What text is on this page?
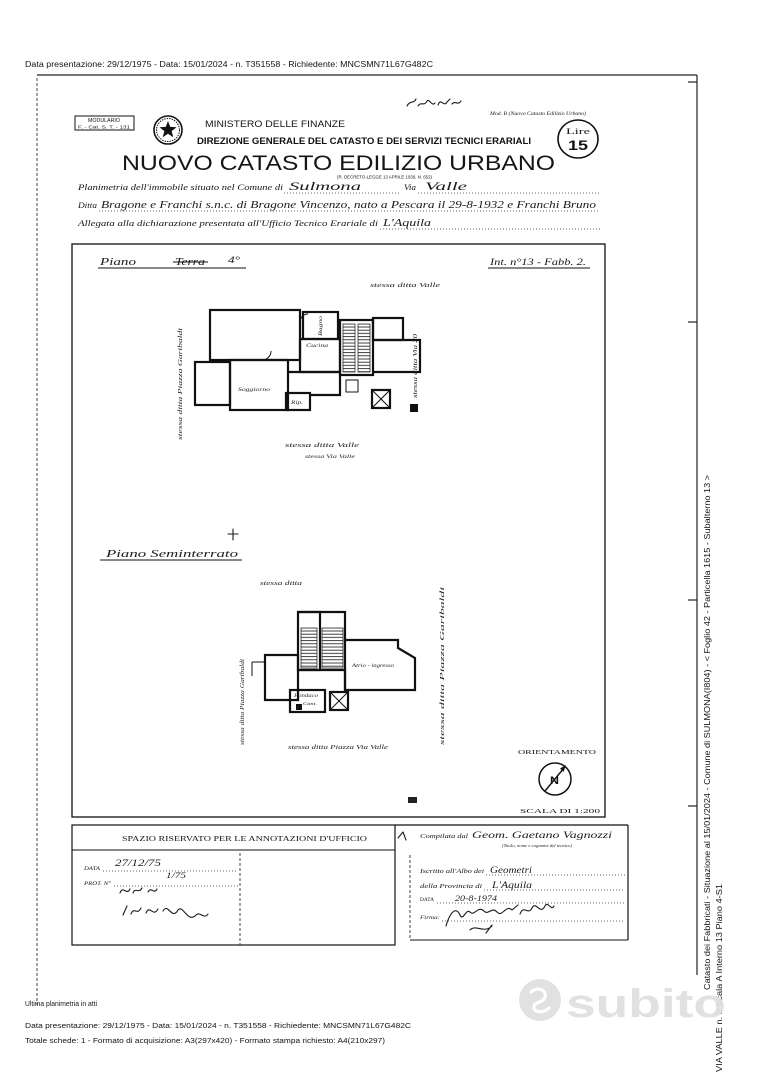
Data presentazione: 29/12/1975 - Data: 15/01/2024 - n. T351558 - Richiedente: MNCSMN71L67G482C
MODULARIO
F. - Cat. S. T. - 131	MINISTERO DELLE FINANZE
DIREZIONE GENERALE DEL CATASTO E DEI SERVIZI TECNICI ERARIALI
NUOVO CATASTO EDILIZIO URBANO
(R. DECRETO-LEGGE 13 APRILE 1939, N. 652)
Mod. B (Nuovo Catasto Edilizio Urbano)
Lire
15
Planimetria dell'immobile situato nel Comune di Sulmona	Via Valle
Ditta Bragone e Franchi s.n.c. di Bragone Vincenzo, nato a Pescara il 29-8-1932 e Franchi Bruno
Allegata alla dichiarazione presentata all'Ufficio Tecnico Erariale di L'Aquila
Piano	Terra	4°	Int. n°13 - Fabb. 2.
stessa ditta Valle
Bagno
Cucina
Soggiorno
Rip.
stessa ditta Piazza Garibaldi	stessa ditta Via 20
stessa ditta Valle
stessa Via Valle
Piano Seminterrato
stessa ditta
Atrio - ingresso
Fondaco
Cant.
stessa ditta Piazza Garibaldi	stessa ditta Piazza Garibaldi
stessa ditta Piazza Via Valle
ORIENTAMENTO
N
SCALA DI 1:200
SPAZIO RISERVATO PER LE ANNOTAZIONI D'UFFICIO
DATA
PROT. N°
27/12/75
1/75
Compilata dal Geom. Gaetano Vagnozzi
(Titolo, nome e cognome del tecnico)
Iscritto all'Albo dei Geometri
della Provincia di L'Aquila
DATA 20-8-1974
Firma:
Ultima planimetria in atti
Data presentazione: 29/12/1975 - Data: 15/01/2024 - n. T351558 - Richiedente: MNCSMN71L67G482C
Totale schede: 1 - Formato di acquisizione: A3(297x420) - Formato stampa richiesto: A4(210x297)
Catasto dei Fabbricati - Situazione al 15/01/2024 - Comune di SULMONA(I804) - < Foglio 42 - Particella 1615 - Subalterno 13 >
VIA VALLE n. 2 Scala A Interno 13 Piano 4-S1
subito
